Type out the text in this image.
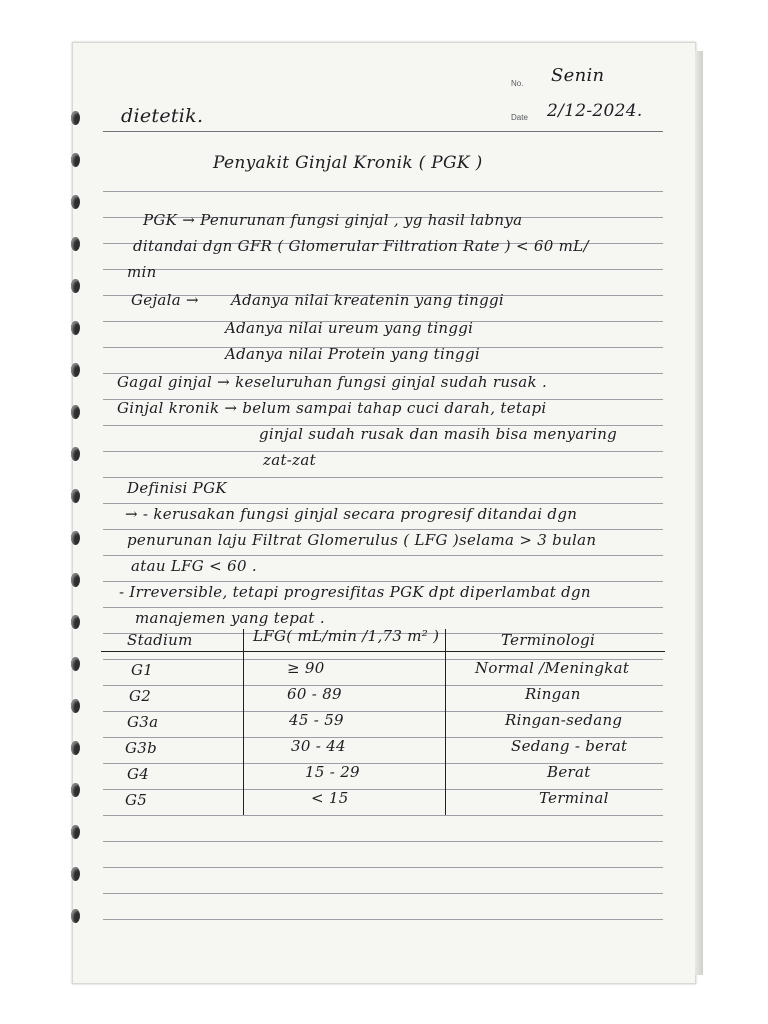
No. Senin
Date 2/12-2024.
dietetik.
Penyakit Ginjal Kronik ( PGK )
PGK → Penurunan fungsi ginjal , yg hasil labnya
ditandai dgn GFR ( Glomerular Filtration Rate ) < 60 mL/
min
Gejala → Adanya nilai kreatenin yang tinggi
Adanya nilai ureum yang tinggi
Adanya nilai Protein yang tinggi
Gagal ginjal → keseluruhan fungsi ginjal sudah rusak .
Ginjal kronik → belum sampai tahap cuci darah, tetapi
ginjal sudah rusak dan masih bisa menyaring
zat-zat
Definisi PGK
→ - kerusakan fungsi ginjal secara progresif ditandai dgn
penurunan laju Filtrat Glomerulus ( LFG )selama > 3 bulan
atau LFG < 60 .
- Irreversible, tetapi progresifitas PGK dpt diperlambat dgn
manajemen yang tepat .
Stadium	LFG( mL/min /1,73 m² )	Terminologi
G1	≥ 90	Normal /Meningkat
G2	60 - 89	Ringan
G3a	45 - 59	Ringan-sedang
G3b	30 - 44	Sedang - berat
G4	15 - 29	Berat
G5	< 15	Terminal
